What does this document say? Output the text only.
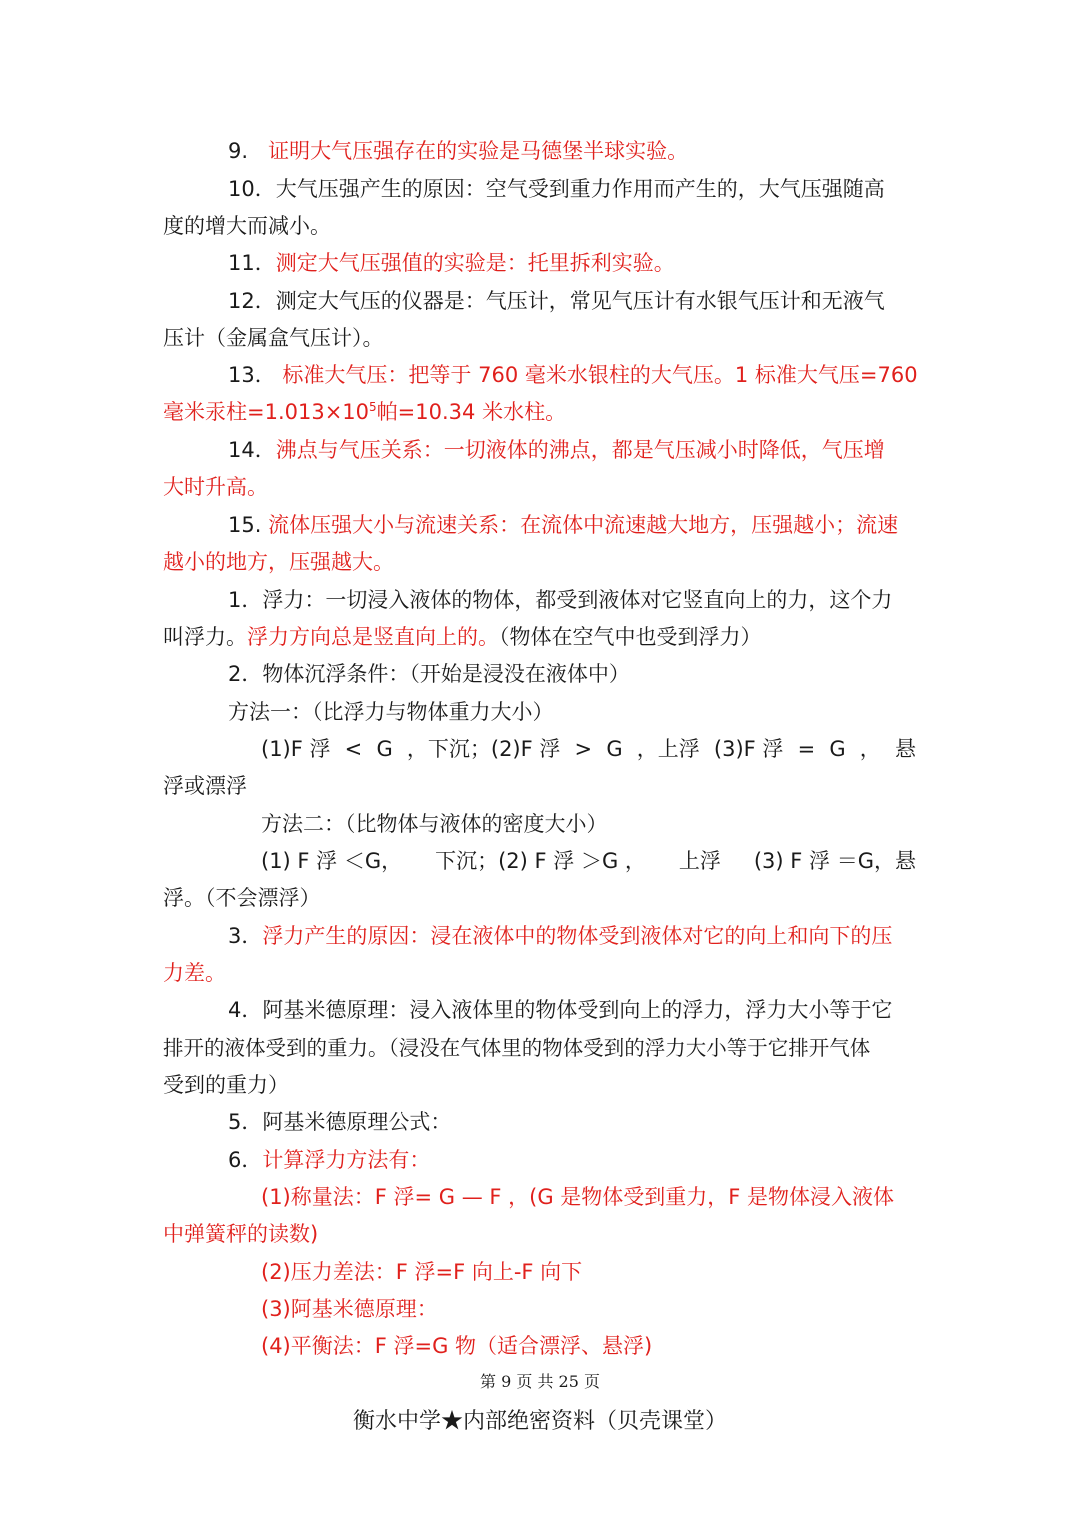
9. 证明大气压强存在的实验是马德堡半球实验。
10．大气压强产生的原因：空气受到重力作用而产生的，大气压强随高
度的增大而减小。
11．测定大气压强值的实验是：托里拆利实验。
12．测定大气压的仪器是：气压计，常见气压计有水银气压计和无液气
压计（金属盒气压计）。
13． 标准大气压：把等于 760 毫米水银柱的大气压。1 标准大气压=760
毫米汞柱$=1.013\times 10^5$帕=10.34 米水柱。
14．沸点与气压关系：一切液体的沸点，都是气压减小时降低，气压增
大时升高。
15. 流体压强大小与流速关系：在流体中流速越大地方，压强越小；流速
越小的地方，压强越大。
1．浮力：一切浸入液体的物体，都受到液体对它竖直向上的力，这个力
叫浮力。浮力方向总是竖直向上的。（物体在空气中也受到浮力）
2．物体沉浮条件：（开始是浸没在液体中）
方法一：（比浮力与物体重力大小）
(1)F 浮 < G ，下沉；(2)F 浮 > G ，上浮 (3)F 浮 = G ， 悬
浮或漂浮
方法二：（比物体与液体的密度大小）
(1) F 浮 ＜G， 下沉；(2) F 浮 ＞G ， 上浮 (3) F 浮 ＝G，悬
浮。（不会漂浮）
3．浮力产生的原因：浸在液体中的物体受到液体对它的向上和向下的压
力差。
4．阿基米德原理：浸入液体里的物体受到向上的浮力，浮力大小等于它
排开的液体受到的重力。（浸没在气体里的物体受到的浮力大小等于它排开气体
受到的重力）
5．阿基米德原理公式：
6．计算浮力方法有：
(1)称量法：F 浮= G — F ，(G 是物体受到重力，F 是物体浸入液体
中弹簧秤的读数)
(2)压力差法：F 浮=F 向上-F 向下
(3)阿基米德原理：
(4)平衡法：F 浮=G 物（适合漂浮、悬浮)
第 9 页 共 25 页
衡水中学★内部绝密资料（贝壳课堂）
